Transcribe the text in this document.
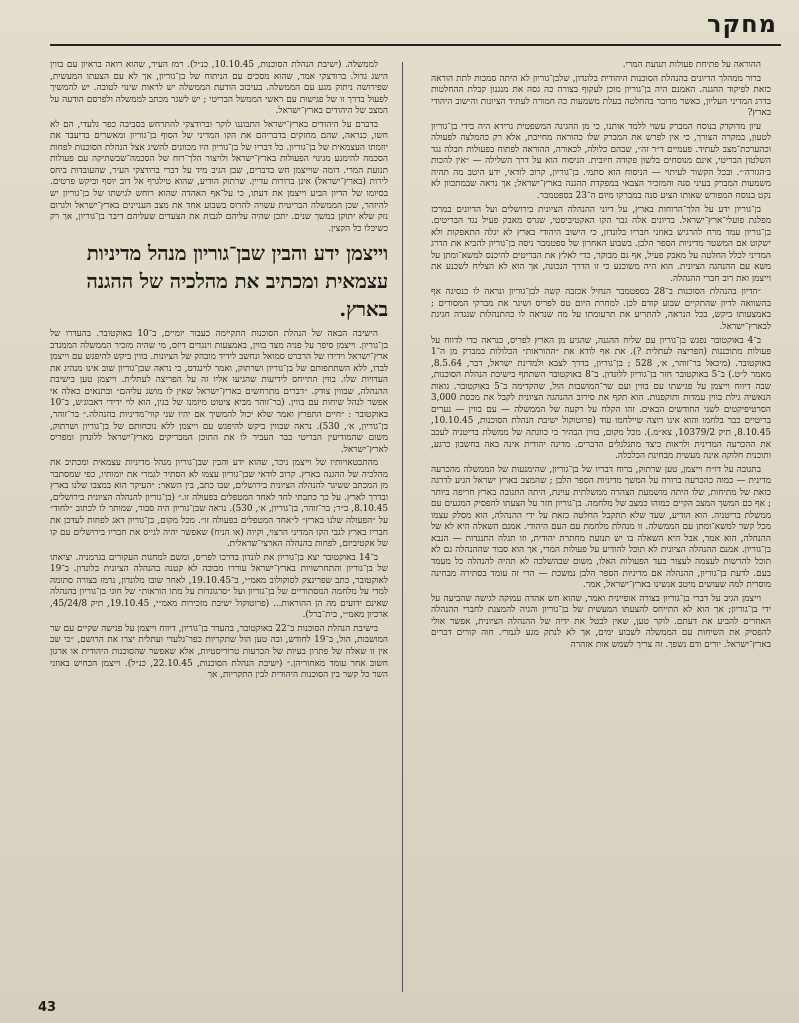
מחקר

ההוראה על פתיחת פעולות תנועת המרי.

ברור ממהלך הדיונים בהנהלת הסוכנות היהודית בלונדון, שלבן־גוריון לא היתה סמכות לתת הוראה כזאת לפיקוד ההגנה. האמנם היה בן־גוריון מוכן לעקוף בצורה כה גסה את מנגנון קבלת ההחלטות בדרג המדיני העליון, כאשר מדובר בהחלטה בעלת משמעות כה חמורה לעתיד הציונות והישוב היהודי בארץ?

עיון מדוקדק בנוסח המברק עשוי ללמד אותנו, כי מן ההגינה המשפטית גרידא היה בידי בן־גוריון לטעון, במקרה הצורך, כי אין לפרש את המברק שלו כהוראה מחייבת, אלא רק כהמלצה לפעולה וכהערכת־מצב לעתיד. פעמיים ד״ר זה״, שבהם כלולה, לכאורה, ההוראה לפתוח בפעולות חבלה נגד השלטון הבריטי, אינם מנוסחים בלשון פקודה חיובית. הניסוח הוא על דרך השלילה — ״אין להכות ב׳הגורה׳״. ובכל הקשור לעיתוי — הניסוח הוא סתמי. בן־גוריון, קרוב לודאי, ידע היטב מה תהיה משמעות המברק בעיני סנה והמזכיר הצבאי במפקדת ההגנה בארץ־ישראל; אך נראה שבמתכוון לא נקט בנוסח המפורש שאותו הציע סנה במברקו מיום ה־23 בספטמבר.

בן־גוריון ידע על הלך־הרוחות בארץ, על דיוני ההנהלה הציונית בירושלים ועל הדיונים במרכז מפלגת פועלי־ארץ־ישראל. בדיונים אלה גבר הקו האקטיביסטי, שגרס מאבק פעיל נגד הבריטים. בן־גוריון עמד מרח להרגיש באוזני חבריו בלונדון, כי הישוב היהודי בארץ לא יגלה התאפקות ולא ישקוט אם המשטר מדיניות הספר הלבן. בשבוע האחרון של ספטמבר ניסה בן־גוריון להביא את הדרג המדיני לכלל החלטה על מאבק פעיל, אף גם מבוקר, כדי לאלץ את הבריטים להיכנס למשא־ומתן על משא עם ההנהגה הציונית. הוא היה משוכנע כי זו הדרך הנכונה, אך הוא לא הצליח לשכנע את וייצמן ואת רוב חברי ההנהלה.

״הדיון בהנהלת הסוכנות ב־28 בספטמבר הנחיל אכזבה קשה לבן־גוריון ונראה לו כנסיגה אף בהשוואה לדיון שהתקיים שבוע קודם לכן. למחרת היום טס לפריס ושיגר את מברקי המסורים ; באמצעותו ביקש, בכל הנראה, להתריע את תרעומתו על מה שנראה לו כהתנהלות שנגדה חגיגת לבארץ־ישראל.

ב־4 באוקטובר נפגש בן־גוריון עם שליח ההגנה, שהגיע מן הארץ לפריס, כנראה כדי לדווח על פעולות מתוכננות (הפריצה לעתלית ?). את אף לודא את ״ההוראות״ הכלולות במברק מן ה־1 באוקטובר. (מיכאל בר־זוהר, א׳, 528 ; בן־גוריון, בדרך לצבא ולמדינת ישראל, דבר, 8.5.64, מאמר ל״ט.) ב־5 באוקטובר חזר בן־גוריון ללונדון. ב־8 באוקטובר השתתף בישיבת הנהלת הסוכנות, שבה דיווח וייצמן על פגישתו עם בווין ועם שר־המושבות הול, שהקדימה ב־5 באוקטובר. גואות הנאשיה גילת בווין עמדות ותוקפנות. הוא תקף את סירוב ההנהגה הציונית לקבל את מכסת 3,000 הסרטיפיקטים לשני החודשים הבאים. זהו הקלח על רקעה של הממשלה — עם בווין — נערים בריטיים כבר בלחמו והוא אינו רוצה שיילחמו עוד (פרוטוקול ישיבת הנהלת הסוכנות, 10.10.45, 8.10.45, תיק 10379/2, צא״מ.). מכל מקום, בווין הבהיר כי כוונתה של ממשלת בריטניה לעכב את ההכרעה המדינית ולראות כיצד מתגלגלים הדברים. מדינה יהודית אינה באה בחשבון כרגע, ותוכנית חלוקה אינה מעשית מבחינת הכלכלה.

בתגובה על דו״ח וייצמן, טען שרתוק, ברוח דבריו של בן־גוריון, שהימנעות של הממשלה מהכרעה מדינית — כמוה כהכרעה ברורה על המשך מדיניות הספר הלבן ; שהמצב בארץ ישראל הגיע לדרגה כזאת של מתיחות, שלו היתה מושמעת הצהרה ממשלתית עוינת, היתה התגובה בארץ חריפה ביותר ; אף כם המשך המצב הקיים כמוהו כמצב של מלחמה. בן־גוריון חזר על הצעתו להפסיק המגעים עם ממשלת בריטניה. הוא הודיע, שעד שלא תתקבל החלטה כזאת על ידי ההנהלה, הוא מסלק עצמו מכל קשר למשא־ומתן עם הממשלה. זו מנהלת מלחמת עם העם היהודי. אמנם השאלה היא לא של ההנהלה, הוא אמר, אבל היא השאלה בו יש תנועת מחתרת יהודית, וזו תגלה התנגדות — הנבא בן־גוריון. אמנם ההנהלה הציונית לא תוכל להודיע על פעולות המרי, אך הוא סבור שההנהלה גם לא תוכל להרשות לעצמה לעצור בעד הפעולות האלו, משום שבהשלכה לא תהיה להנהלה כל מעמד בעם. לדעת בן־גוריון, ההנהלה אם מדיניות הספר הלבן נמשכת — הרי זה עומד בסתירה מבחינה מוסרית למה שעושים מיטב אנשינו בארץ־ישראל, אמר.

וייצמן הגיב על דברי בן־גוריון בצורה אופיינית ואמר, שהוא חש אהדה עמוקה לגישה שהביעה על ידי בן־גוריון; אך הוא לא התייחס להצעתו המעשית של בן־גוריון והגיה להמצגת לחברי ההנהלה האחרים להביע את דעתם. לוקר טען, שאין לבטל את ידיה של ההנהלה הציונית, אפשר אולי להפסיק את השיחות עם הממשלה לשבוע ימים, אך לא לנתק מגע לגמרי. חוה קורים דברים בארץ־ישראל. יורים ודם נשפך. זה צריך לשמש אות אזהרה

לממשלה. (ישיבת הנהלת הסוכנות, 10.10.45, כנ״ל). רמז העיר, שהוא רואה בראיון עם בווין הישג גדול. ברודצקי אמר, שהוא מסכים עם הניתוח של בן־גוריון, אך לא עם הצעתו המעשית, שפירושה ניתוק מגע עם הממשלה. בעיכוב הודעת הממשלה יש לראות שינוי לטובה. יש להמשיך לפעול בדרך זו של פגישות עם ראשי הממשל הבריטי ; יש לשגר מכתב לממשלה ולפרסם הודעה על המצב של היהודים בארץ־ישראל.

בדברם על היהודים בארץ־ישראל התבוננו לוקר וברודצקי להתרחש בסביבה כפר גלעדי, הם לא חשו, כנראה, שהם מחזקים בדבריהם את הקו המדיני של הסוף בן־גוריון ומאשרים בדיעבד את יוזמתו העצמאית של בן־גוריון. כל דבריו של בן־גוריון היו מכוונים להשיג אצל הנהלת הסוכנות לפחות הסכמה להימנע מגינוי הפעולות בארץ־ישראל ולויצור הלך־רוח של הסכמה־שבשתיקה עם פעולות תנועת המרי. דומה שוייצמן חש בדברים, שבן הגיב מיד על דברי ברודצקי העיר, שהעובדות ביחס לירות (בארץ־ישראל) אינן ברורות עדיין. שרתוק הודיע, שהוא טילגרף אל דוב יוסף וביקש פרטים. בסיומו של הדיון הביע וייצמן את דעתו, כי על־אף האהדה שהוא רוחש לגישתו של בן־גוריון יש להיזהר, שכן הממשלה הבריטית עשויה להרוס בשבוע אחד את מצב העניינים בארץ־ישראל ולגרום נזק שלא יתוקן במשך שנים. יתכן שהיה עליהם לגבות את הצעדים שעליהם דיבר בן־גוריון, אך רק כשיכלו כל הקצין.

וייצמן ידע והבין שבן־גוריון מנהל מדיניות עצמאית ומכתיב את מהלכיה של ההגנה בארץ.

הישיבה הבאה של הנהלת הסוכנות התקיימה כעבור יומיים, ב־10 באוקטובר. בהעדרו של בן־גוריון. וייצמן סיפר על פניה מצד בווין, באמצעות וינגדים דיזס, מי שהיה מזכיר הממשלה הממנדב ארץ־ישראל וידידו של הרברט סמואל ונחשב לידיד מובהק של הציונות. בווין ביקש להיפגש עם וייצמן לבדו, ללא השתתפותם של בן־גוריון ושרתוק, ואמר לוינגדס, כי נראה שבן־גוריון שוב אינו מנהיג את העדויות שלו. בווין התייחס לידיעות שהגיעו אליו זה על הפריצה לעתלית. וייצמן טען בישיבת ההנהלה, שבווין צודק. ״דברים מתרחשים בארץ־ישראל שאין לו מושג עליהם״ ובתנאים כאלה אי אפשר לנהל שיחות עם בווין. (בר־זוהר מביא ציטוט מיומנו של בגין, הוא לוי ידידי דאבוג׳ש, ב־10 באוקטובר : ״חיים התפרץ ואמר שלא יכול להמשיך אם יהיו שני קווי־מדיניות בהנהלה.״ בר־זוהר, בן־גוריון, א׳, 530). נראה שבווין ביקש להיפגש עם וייצמן ללא נוכחותם של בן־גוריון ושרתוק, משום שהמודיעין הבריטי כבר העביר לו את התוכן המבריקים מארץ־ישראל ללונדון ומפריס לארץ־ישראל.

מהתבטאויותיו של וייצמן ניכר, שהוא ידע והבין שבן־גוריון מנהל מדיניות עצמאית ומכתיב את מהלכיה של ההגנה בארץ. קרוב לודאי שבן־גוריון עצמו לא הסתיר לגמרי את יומותיו, כפי שמסתבר מן המכתב ששיגר להנהלה הציונית בירושלים, שבו כתב, בין השאר: ״העיקר הוא במצבו שלנו בארץ ובדרך לארץ. על כך כתבתי לחד לאחד המטפלים בפעולה זו.״ (בן־גוריון להנהלה הציונית בירושלים, 8.10.45, ב״ר; בר־זוהר, בן־גוריון, א׳, 530). נראה שבן־גוריון היה סבור, שמותר לו לכתוב ״לחוד״ על ״הפעולה שלנו בארץ״ ל״אחד המטפלים בפעולה זו״. מכל מקום, בן־גוריון דאג לפחות לעדכן את חבריו בארץ לגבי הקו המדיני הרצוי, וקיוה (או הניח) שאפשר יהיה לגייס את חבריו בירושלים עם קו של אקטיביזם, לפחות בהנהלה הארצי־שראלית.

ב־14 באוקטובר יצא בן־גוריון את לונדון בדרכו לפריס, ומשם למחנות העקורים בגרמניה. יציאתו של בן־גוריון והתחרשויות בארץ־ישראל עוררו מבוכה לא קטנה בהנהלה הציונית בלונדון. ב־19 לאוקטובר, כתב שפרינצק לסוקולוב מאמ״י, ב־19.10.45, לאחר שובו מלונדון, נרמז בצורה סתומה למדי על מלחמה המסתוריים של בן־גוריון ועל ״סרגוגדות על מתו הוראות״ של חוגי בן־גוריון בהנהלה שאינם ידועים מה הן ההוראות... (פרוטוקול ישיבת מזכירות מאמ״י, 19.10.45, תיק 45/24/8, ארכיון מאמ״י, בית־ברל).

בישיבת הנהלת הסוכנות ב־22 באוקטובר, בהעדר בן־גוריון, דיווח וייצמן על פגישה שקיים עם שר המושבות, הול, ב־19 לחודש, ובה טען הול שתקריות כפר־גלעדי ועתלית יצרו את הרושם, ״כי שב אין זו שאלה של פתרון בעיות של הכרעות טרוריסטיות, אלא שאפשר שהסוכנות היהודית או ארגון חשוב אחר עומד מאחוריהן.״ (ישיבת הנהלת הסוכנות, 22.10.45, כנ״ל). וייצמן הכחיש באוזני השר כל קשר בין הסוכנות היהודית לבין התקריות, אך

43
